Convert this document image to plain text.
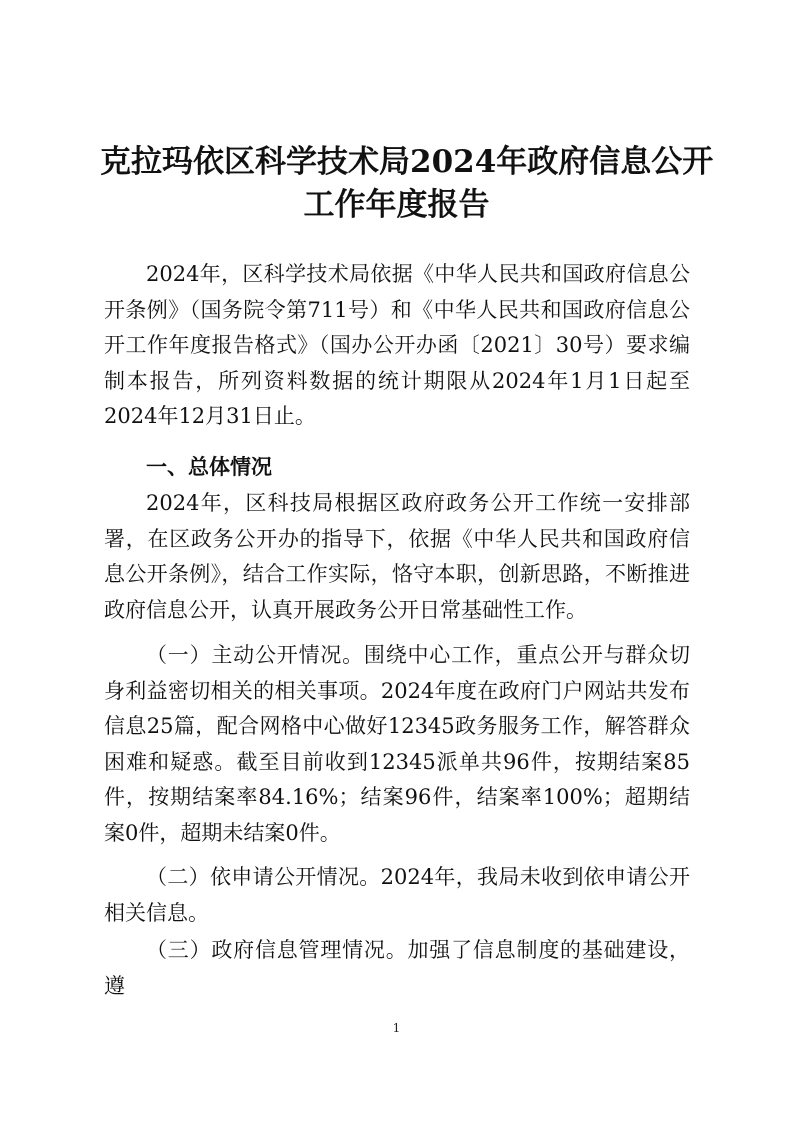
克拉玛依区科学技术局2024年政府信息公开
工作年度报告

2024年，区科学技术局依据《中华人民共和国政府信息公开条例》（国务院令第711号）和《中华人民共和国政府信息公开工作年度报告格式》（国办公开办函〔2021〕30号）要求编制本报告，所列资料数据的统计期限从2024年1月1日起至2024年12月31日止。

一、总体情况

2024年，区科技局根据区政府政务公开工作统一安排部署，在区政务公开办的指导下，依据《中华人民共和国政府信息公开条例》，结合工作实际，恪守本职，创新思路，不断推进政府信息公开，认真开展政务公开日常基础性工作。

（一）主动公开情况。围绕中心工作，重点公开与群众切身利益密切相关的相关事项。2024年度在政府门户网站共发布信息25篇，配合网格中心做好12345政务服务工作，解答群众困难和疑惑。截至目前收到12345派单共96件，按期结案85件，按期结案率84.16%；结案96件，结案率100%；超期结案0件，超期未结案0件。

（二）依申请公开情况。2024年，我局未收到依申请公开相关信息。

（三）政府信息管理情况。加强了信息制度的基础建设，遵

1
